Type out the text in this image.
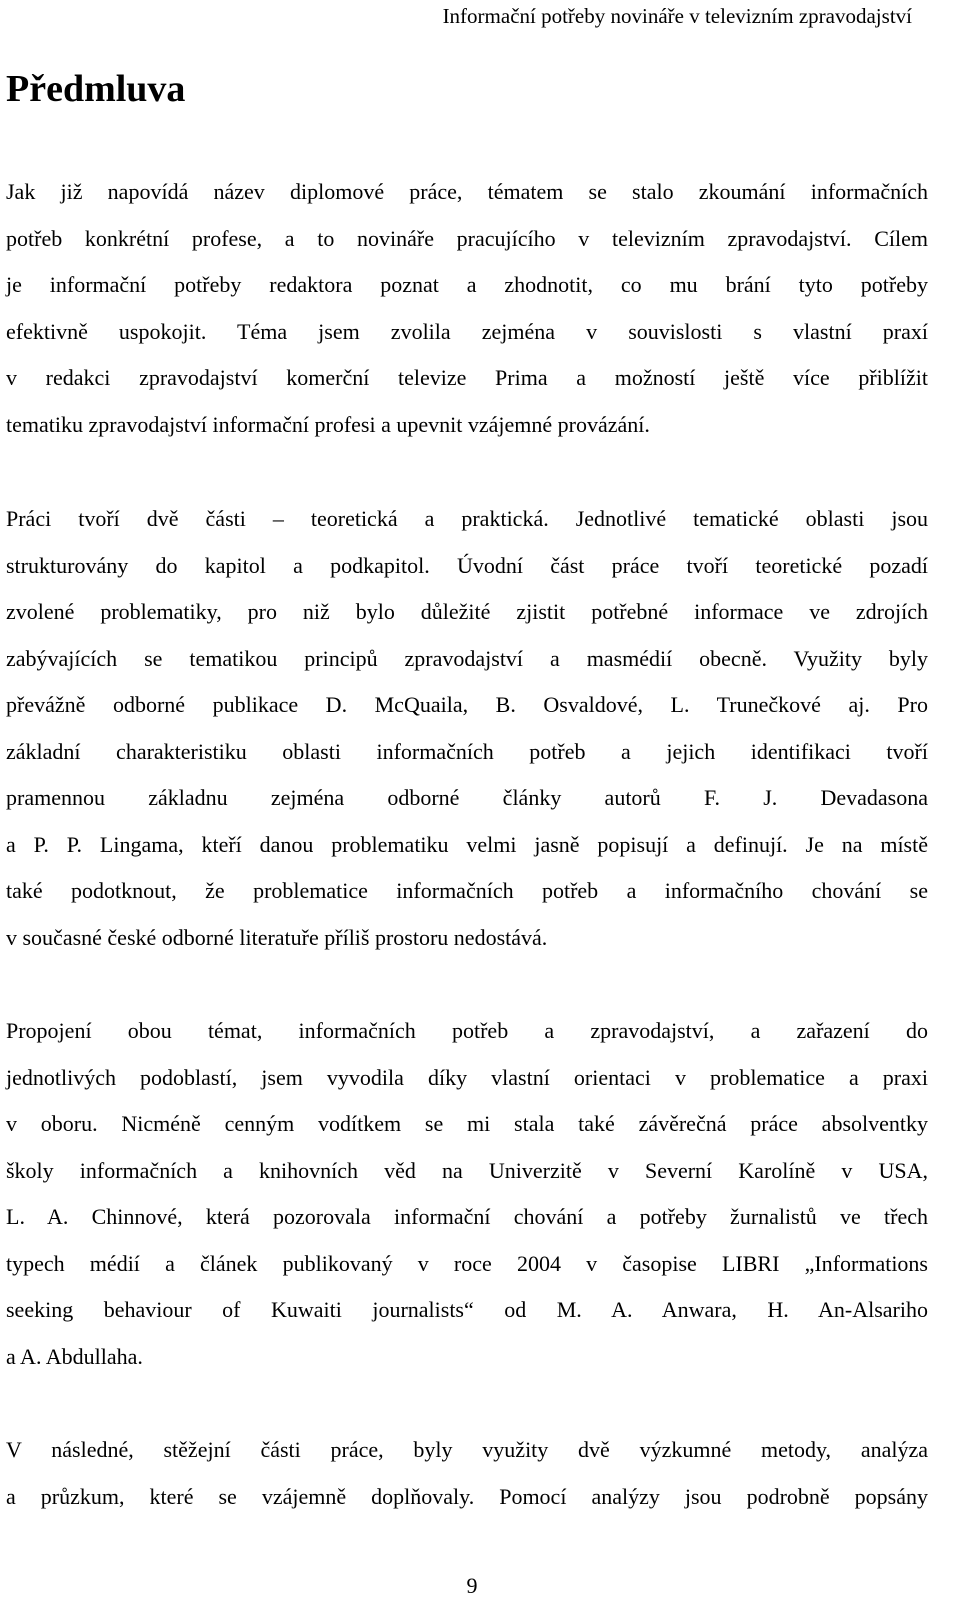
Informační potřeby novináře v televizním zpravodajství
Předmluva

Jak již napovídá název diplomové práce, tématem se stalo zkoumání informačních
potřeb konkrétní profese, a to novináře pracujícího v televizním zpravodajství. Cílem
je informační potřeby redaktora poznat a zhodnotit, co mu brání tyto potřeby
efektivně uspokojit. Téma jsem zvolila zejména v souvislosti s vlastní praxí
v redakci zpravodajství komerční televize Prima a možností ještě více přiblížit
tematiku zpravodajství informační profesi a upevnit vzájemné provázání.

Práci tvoří dvě části – teoretická a praktická. Jednotlivé tematické oblasti jsou
strukturovány do kapitol a podkapitol. Úvodní část práce tvoří teoretické pozadí
zvolené problematiky, pro niž bylo důležité zjistit potřebné informace ve zdrojích
zabývajících se tematikou principů zpravodajství a masmédií obecně. Využity byly
převážně odborné publikace D. McQuaila, B. Osvaldové, L. Trunečkové aj. Pro
základní charakteristiku oblasti informačních potřeb a jejich identifikaci tvoří
pramennou základnu zejména odborné články autorů F. J. Devadasona
a P. P. Lingama, kteří danou problematiku velmi jasně popisují a definují. Je na místě
také podotknout, že problematice informačních potřeb a informačního chování se
v současné české odborné literatuře příliš prostoru nedostává.

Propojení obou témat, informačních potřeb a zpravodajství, a zařazení do
jednotlivých podoblastí, jsem vyvodila díky vlastní orientaci v problematice a praxi
v oboru. Nicméně cenným vodítkem se mi stala také závěrečná práce absolventky
školy informačních a knihovních věd na Univerzitě v Severní Karolíně v USA,
L. A. Chinnové, která pozorovala informační chování a potřeby žurnalistů ve třech
typech médií a článek publikovaný v roce 2004 v časopise LIBRI „Informations
seeking behaviour of Kuwaiti journalists“ od M. A. Anwara, H. An-Alsariho
a A. Abdullaha.

V následné, stěžejní části práce, byly využity dvě výzkumné metody, analýza
a průzkum, které se vzájemně doplňovaly. Pomocí analýzy jsou podrobně popsány

9
